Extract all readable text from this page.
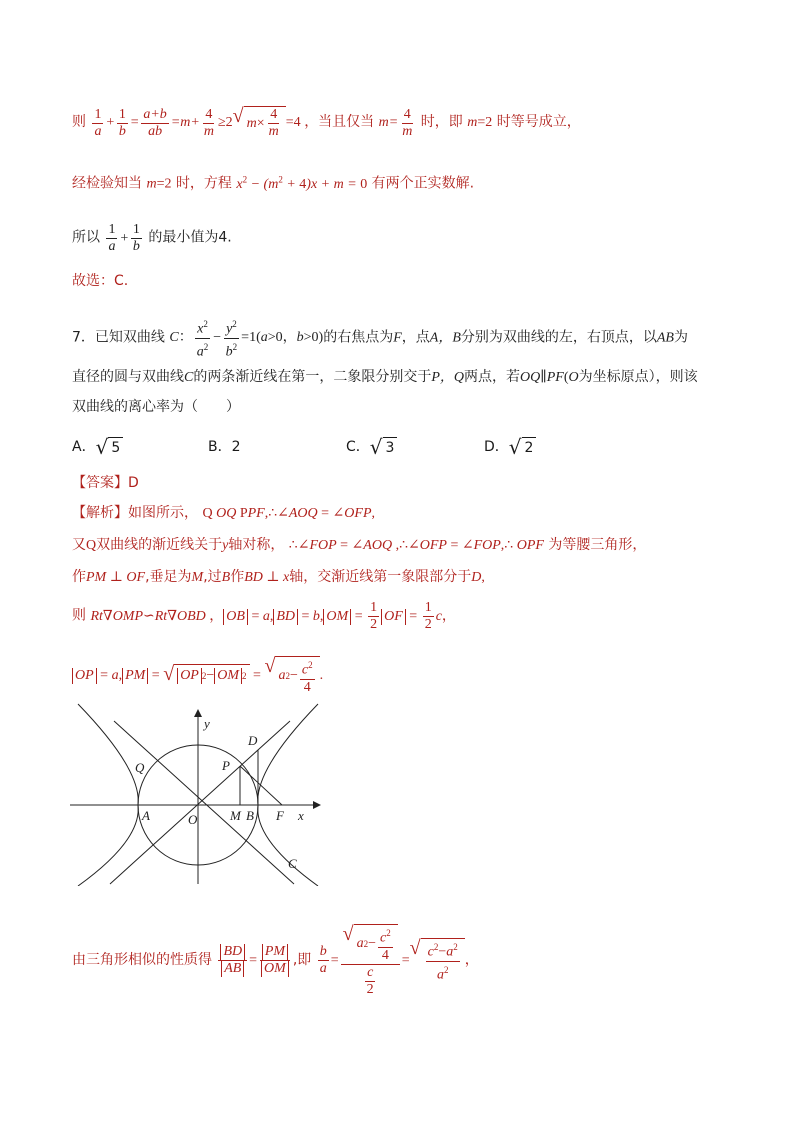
则 $\frac{1}{a} + \frac{1}{b} = \frac{a+b}{ab} =m+ \frac{4}{m} \ge 2$ √ $m \times \frac{4}{m} =4$ ，当且仅当 $m= \frac{4}{m}$ 时，即 m=2 时等号成立，
经检验知当 m=2 时，方程 $x^2 - (m^2 + 4)x + m = 0$ 有两个正实数解.
所以 $\frac{1}{a} + \frac{1}{b}$ 的最小值为4.
故选：C.
7．已知双曲线 C： $\frac{x^2}{a^2} - \frac{y^2}{b^2} =1(a>0$，b>0)的右焦点为F，点A，B分别为双曲线的左，右顶点，以AB为
直径的圆与双曲线C的两条渐近线在第一，二象限分别交于P，Q两点，若OQ∥PF(O为坐标原点），则该
双曲线的离心率为（　　）
A． √ 5	B．2	C． √ 3	D． √ 2
【答案】D
【解析】如图所示， Q OQ PPF,∴∠AOQ = ∠OFP,
又Q双曲线的渐近线关于y轴对称， ∴∠FOP = ∠AOQ ,∴∠OFP = ∠FOP,∴ OPF 为等腰三角形，
作PM ⊥ OF,垂足为M,过B作BD ⊥ x轴，交渐近线第一象限部分于D,
则 Rt∇OMP∽Rt∇OBD ， OB = a, BD = b, OM = $\frac{1}{2}$ OF = $\frac{1}{2}$ c，
OP = a, PM = √ OP 2 − OM 2 = √ a $2 - \frac{c^2}{4}$ .
y
x
D
Q	P
A	O	M B F
C
由三角形相似的性质得 $\frac{BD}{AB} = \frac{PM}{OM}$ ,即 $\frac{b}{a} = \frac{√ a 2 - \frac{c^2}{4}}{\frac{c}{2}}$ =
√ $\frac{c^2-a^2}{a^2}$ ，
